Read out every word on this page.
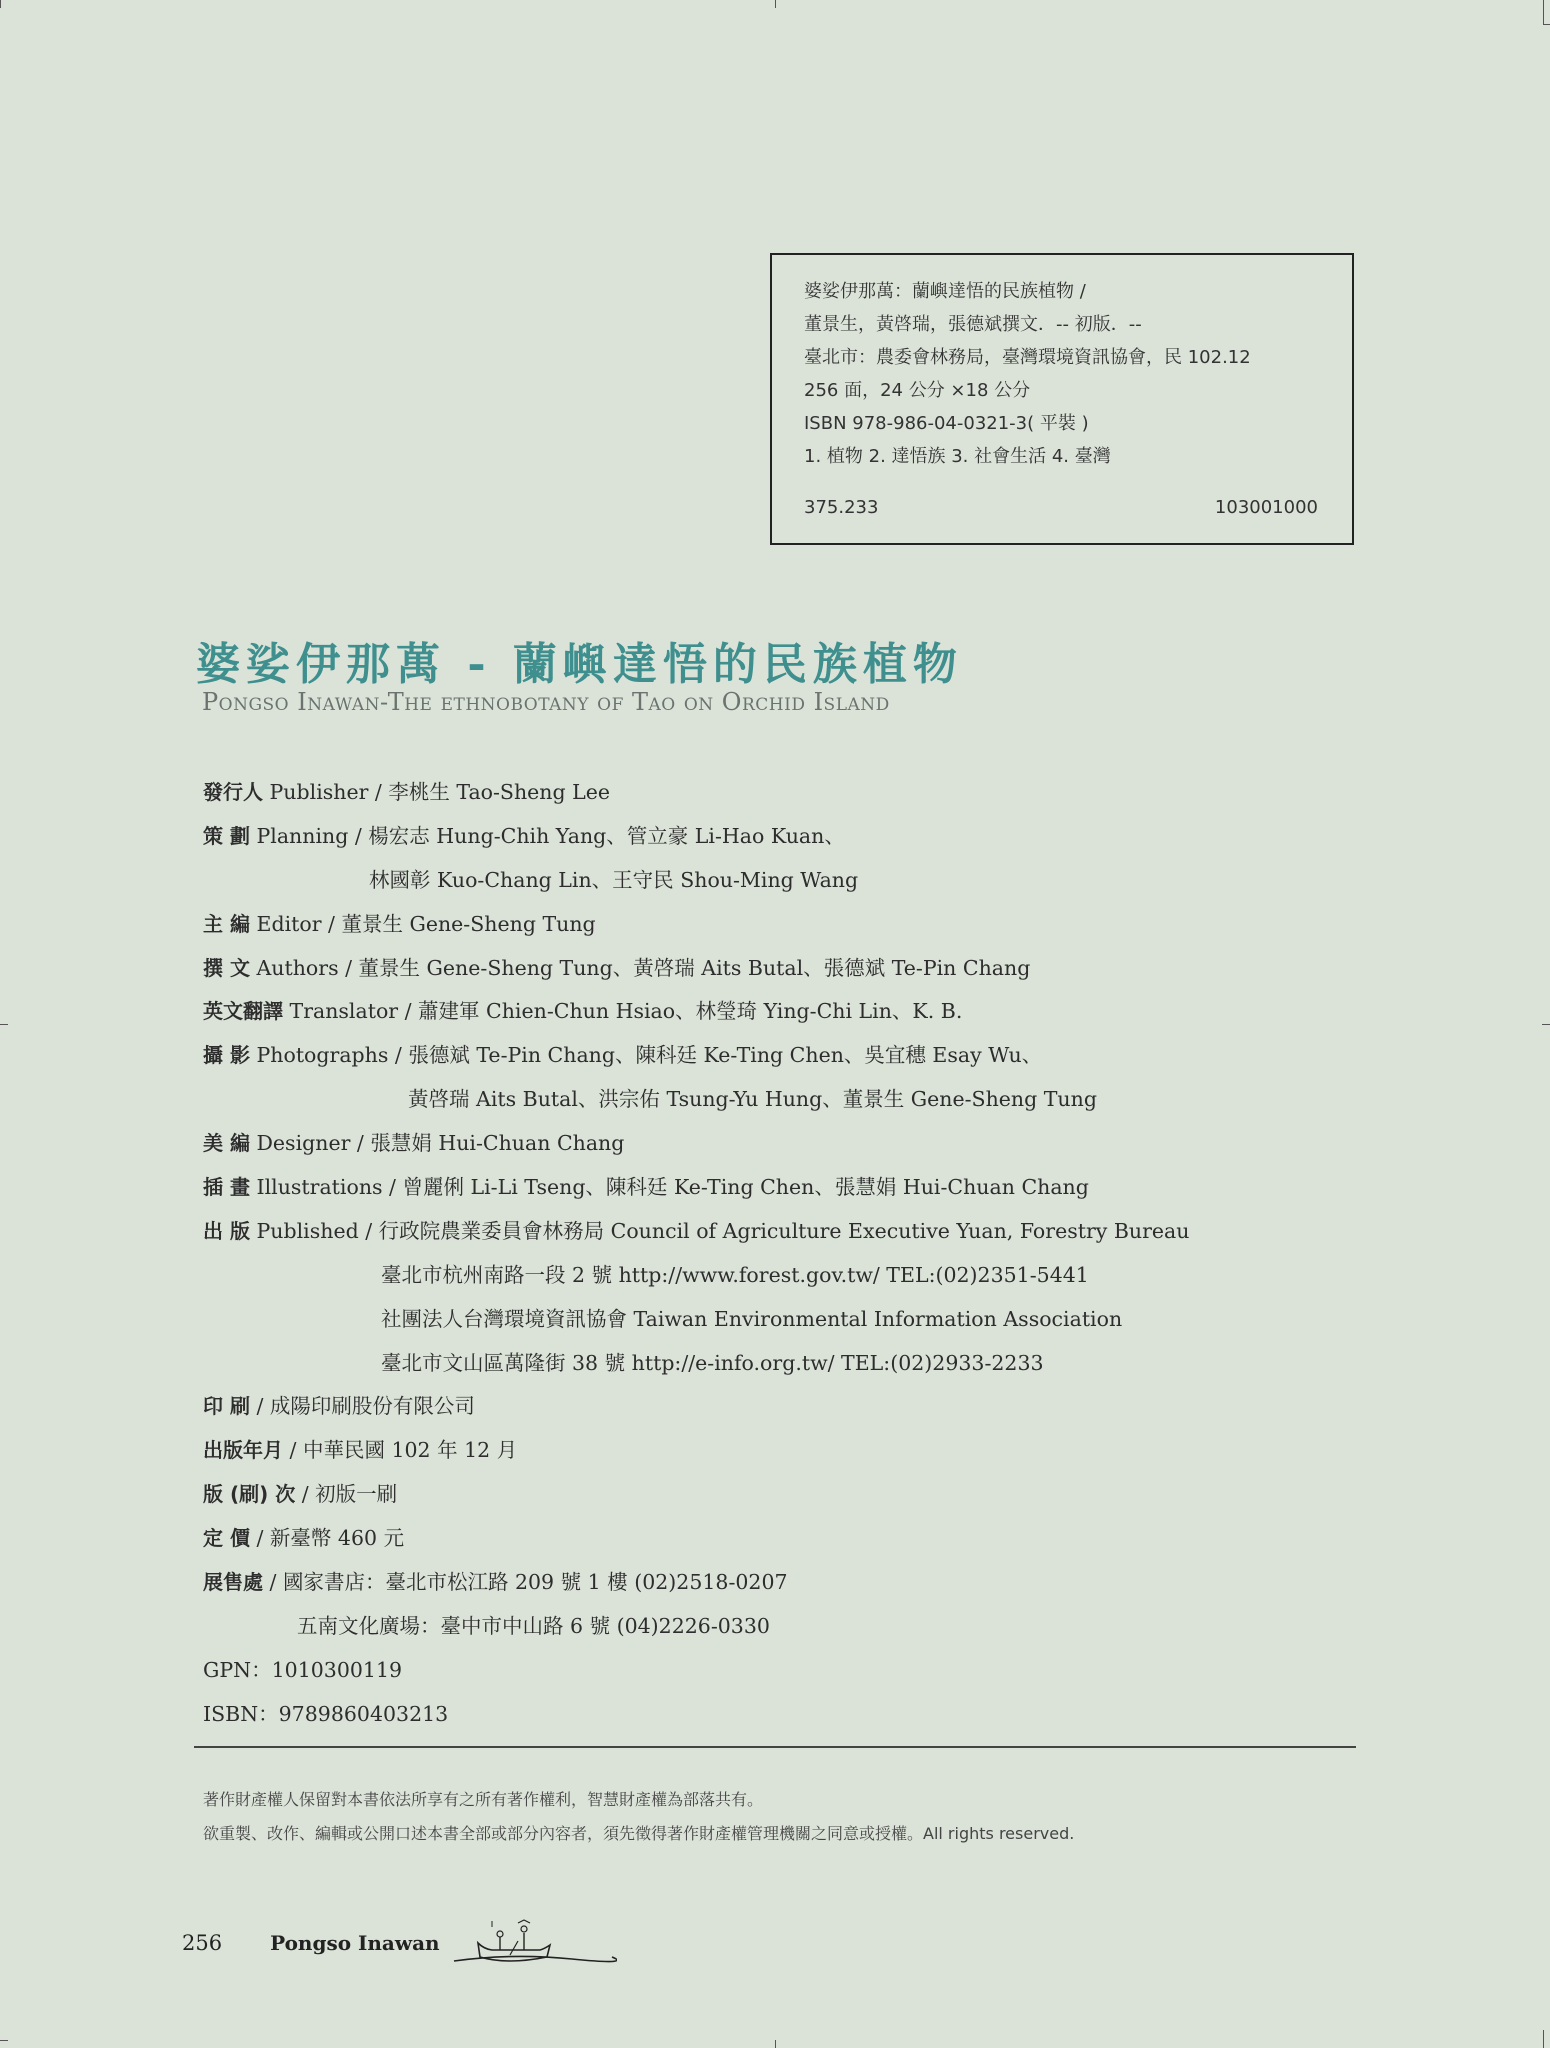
婆娑伊那萬：蘭嶼達悟的民族植物 /
董景生，黃啓瑞，張德斌撰文．-- 初版．--
臺北市：農委會林務局，臺灣環境資訊協會，民 102.12
256 面，24 公分 ×18 公分
ISBN 978-986-04-0321-3( 平裝 )
1. 植物 2. 達悟族 3. 社會生活 4. 臺灣
375.233	103001000
婆娑伊那萬 - 蘭嶼達悟的民族植物
Pongso Inawan-The ethnobotany of Tao on Orchid Island
發行人 Publisher / 李桃生 Tao-Sheng Lee
策 劃 Planning / 楊宏志 Hung-Chih Yang、管立豪 Li-Hao Kuan、
林國彰 Kuo-Chang Lin、王守民 Shou-Ming Wang
主 編 Editor / 董景生 Gene-Sheng Tung
撰 文 Authors / 董景生 Gene-Sheng Tung、黃啓瑞 Aits Butal、張德斌 Te-Pin Chang
英文翻譯 Translator / 蕭建軍 Chien-Chun Hsiao、林瑩琦 Ying-Chi Lin、K. B.
攝 影 Photographs / 張德斌 Te-Pin Chang、陳科廷 Ke-Ting Chen、吳宜穗 Esay Wu、
黃啓瑞 Aits Butal、洪宗佑 Tsung-Yu Hung、董景生 Gene-Sheng Tung
美 編 Designer / 張慧娟 Hui-Chuan Chang
插 畫 Illustrations / 曾麗俐 Li-Li Tseng、陳科廷 Ke-Ting Chen、張慧娟 Hui-Chuan Chang
出 版 Published / 行政院農業委員會林務局 Council of Agriculture Executive Yuan, Forestry Bureau
臺北市杭州南路一段 2 號 http://www.forest.gov.tw/ TEL:(02)2351-5441
社團法人台灣環境資訊協會 Taiwan Environmental Information Association
臺北市文山區萬隆街 38 號 http://e-info.org.tw/ TEL:(02)2933-2233
印 刷 / 成陽印刷股份有限公司
出版年月 / 中華民國 102 年 12 月
版 (刷) 次 / 初版一刷
定 價 / 新臺幣 460 元
展售處 / 國家書店：臺北市松江路 209 號 1 樓 (02)2518-0207
五南文化廣場：臺中市中山路 6 號 (04)2226-0330
GPN：1010300119
ISBN：9789860403213
著作財產權人保留對本書依法所享有之所有著作權利，智慧財產權為部落共有。
欲重製、改作、編輯或公開口述本書全部或部分內容者，須先徵得著作財產權管理機關之同意或授權。All rights reserved.
256 Pongso Inawan
